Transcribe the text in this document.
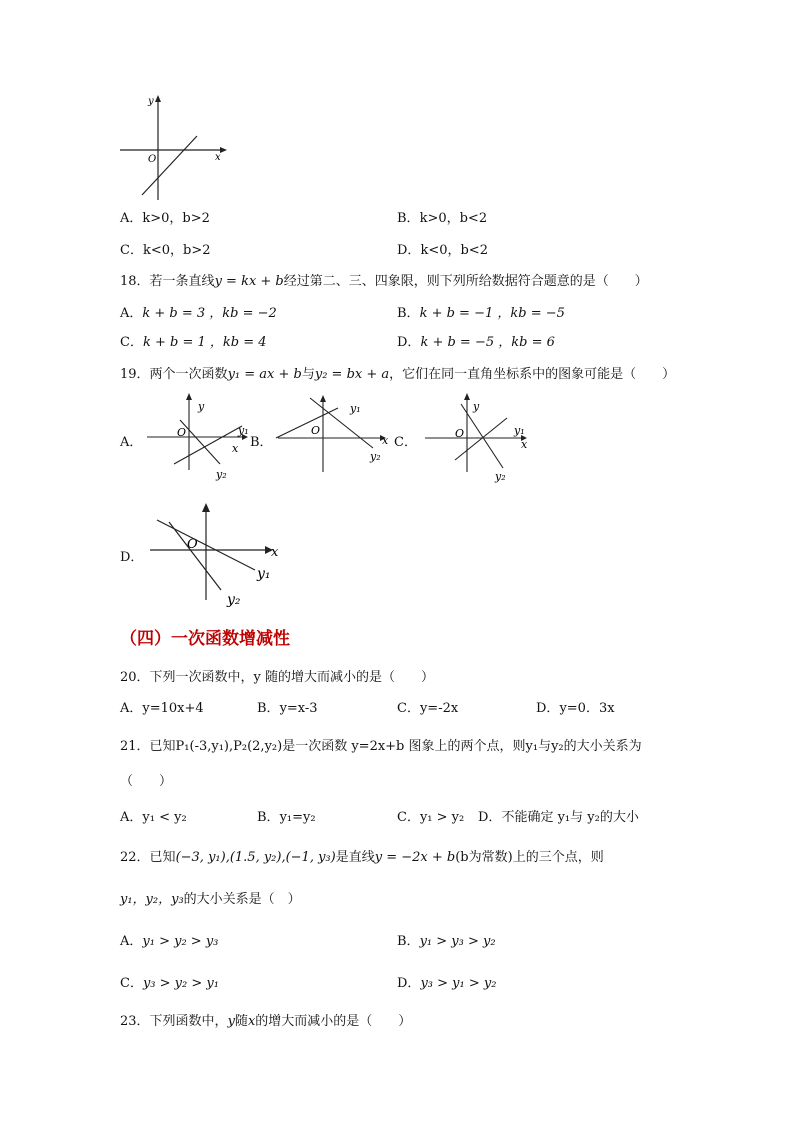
y
O	x
A．k>0，b>2	B．k>0，b<2
C．k<0，b>2	D．k<0，b<2
18．若一条直线y = kx + b经过第二、三、四象限，则下列所给数据符合题意的是（　　）
A．k + b = 3 ，kb = −2	B．k + b = −1 ，kb = −5
C．k + b = 1 ，kb = 4	D．k + b = −5 ，kb = 6
19．两个一次函数y₁ = ax + b与y₂ = bx + a，它们在同一直角坐标系中的图象可能是（　　）
A．	B．	C．
D．
y
O
x
y₁
y₂
y₁
O
x
y₂
y
O	y₁
x
y₂
O
x
y₁
y₂
（四）一次函数增减性
20．下列一次函数中，y 随的增大而减小的是（　　）
A．y=10x+4	B．y=x-3	C．y=-2x	D．y=0．3x
21．已知P₁(-3,y₁),P₂(2,y₂)是一次函数 y=2x+b 图象上的两个点，则y₁与y₂的大小关系为
（　　）
A．y₁ < y₂	B．y₁=y₂	C．y₁ > y₂ D．不能确定 y₁与 y₂的大小
22．已知(−3, y₁),(1.5, y₂),(−1, y₃)是直线y = −2x + b(b为常数)上的三个点，则
y₁，y₂，y₃的大小关系是（　）
A．y₁ > y₂ > y₃	B．y₁ > y₃ > y₂
C．y₃ > y₂ > y₁	D．y₃ > y₁ > y₂
23．下列函数中，y随x的增大而减小的是（　　）
